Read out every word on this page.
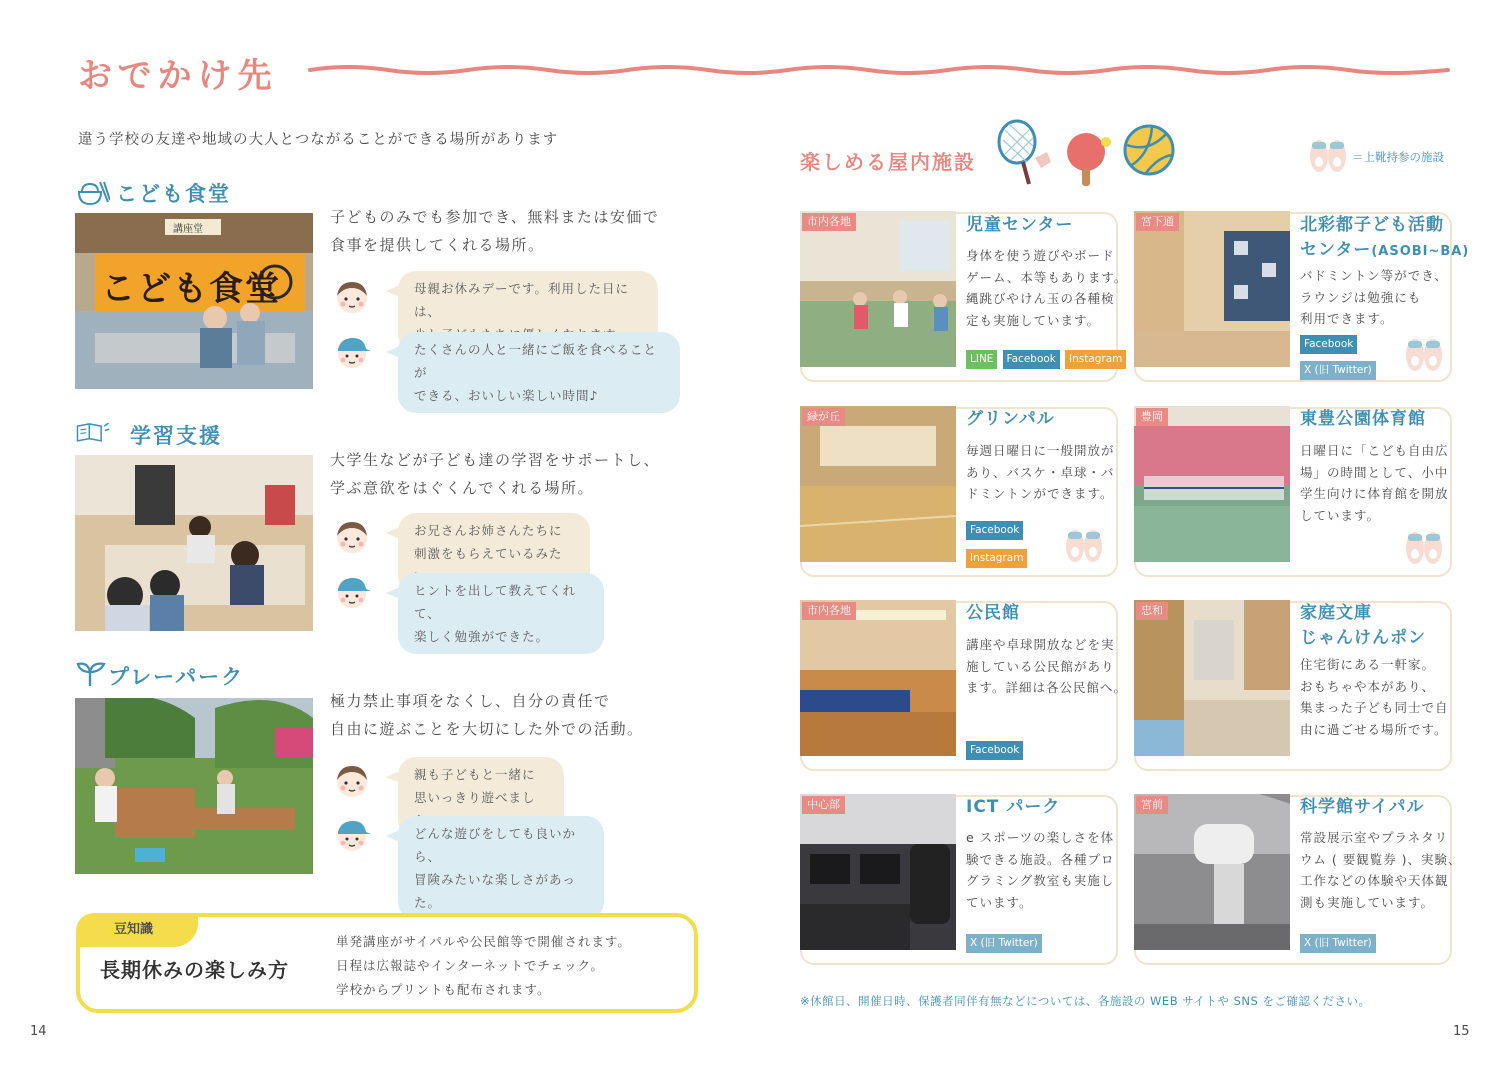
おでかけ先
違う学校の友達や地域の大人とつながることができる場所があります
こども食堂
講座堂
こども食堂
子どものみでも参加でき、無料または安価で
食事を提供してくれる場所。
母親お休みデーです。利用した日には、
たくさんの人と一緒にご飯を食べることが
できる、おいしい楽しい時間♪
学習支援
大学生などが子ども達の学習をサポートし、
学ぶ意欲をはぐくんでくれる場所。
お兄さんお姉さんたちに
刺激をもらえているみた
ヒントを出して教えてくれて、
楽しく勉強ができた。
プレーパーク
極力禁止事項をなくし、自分の責任で
自由に遊ぶことを大切にした外での活動。
親も子どもと一緒に
思いっきり遊べまし
どんな遊びをしても良いから、
冒険みたいな楽しさがあった。
豆知識
長期休みの楽しみ方
単発講座がサイパルや公民館等で開催されます。
日程は広報誌やインターネットでチェック。
学校からプリントも配布されます。
14	15
楽しめる屋内施設	＝上靴持参の施設
市内各地	児童センター
身体を使う遊びやボード
ゲーム、本等もあります。
縄跳びやけん玉の各種検
定も実施しています。
LINE Facebook Instagram
宮下通	北彩都子ども活動
センター(ASOBI~BA)
バドミントン等ができ、
ラウンジは勉強にも
利用できます。
Facebook
X (旧 Twitter)
緑が丘	グリンパル
毎週日曜日に一般開放が
あり、バスケ・卓球・バ
ドミントンができます。
Facebook
Instagram
豊岡	東豊公園体育館
日曜日に「こども自由広
場」の時間として、小中
学生向けに体育館を開放
しています。
市内各地	公民館
講座や卓球開放などを実
施している公民館があり
ます。詳細は各公民館へ。
Facebook
忠和	家庭文庫
じゃんけんポン
住宅街にある一軒家。
おもちゃや本があり、
集まった子ども同士で自
由に過ごせる場所です。
中心部	ICT パーク
e スポーツの楽しさを体
験できる施設。各種プロ
グラミング教室も実施し
ています。
X (旧 Twitter)
宮前	科学館サイパル
常設展示室やプラネタリ
ウム ( 要観覧券 )、実験、
工作などの体験や天体観
測も実施しています。
X (旧 Twitter)
※休館日、開催日時、保護者同伴有無などについては、各施設の WEB サイトや SNS をご確認ください。
